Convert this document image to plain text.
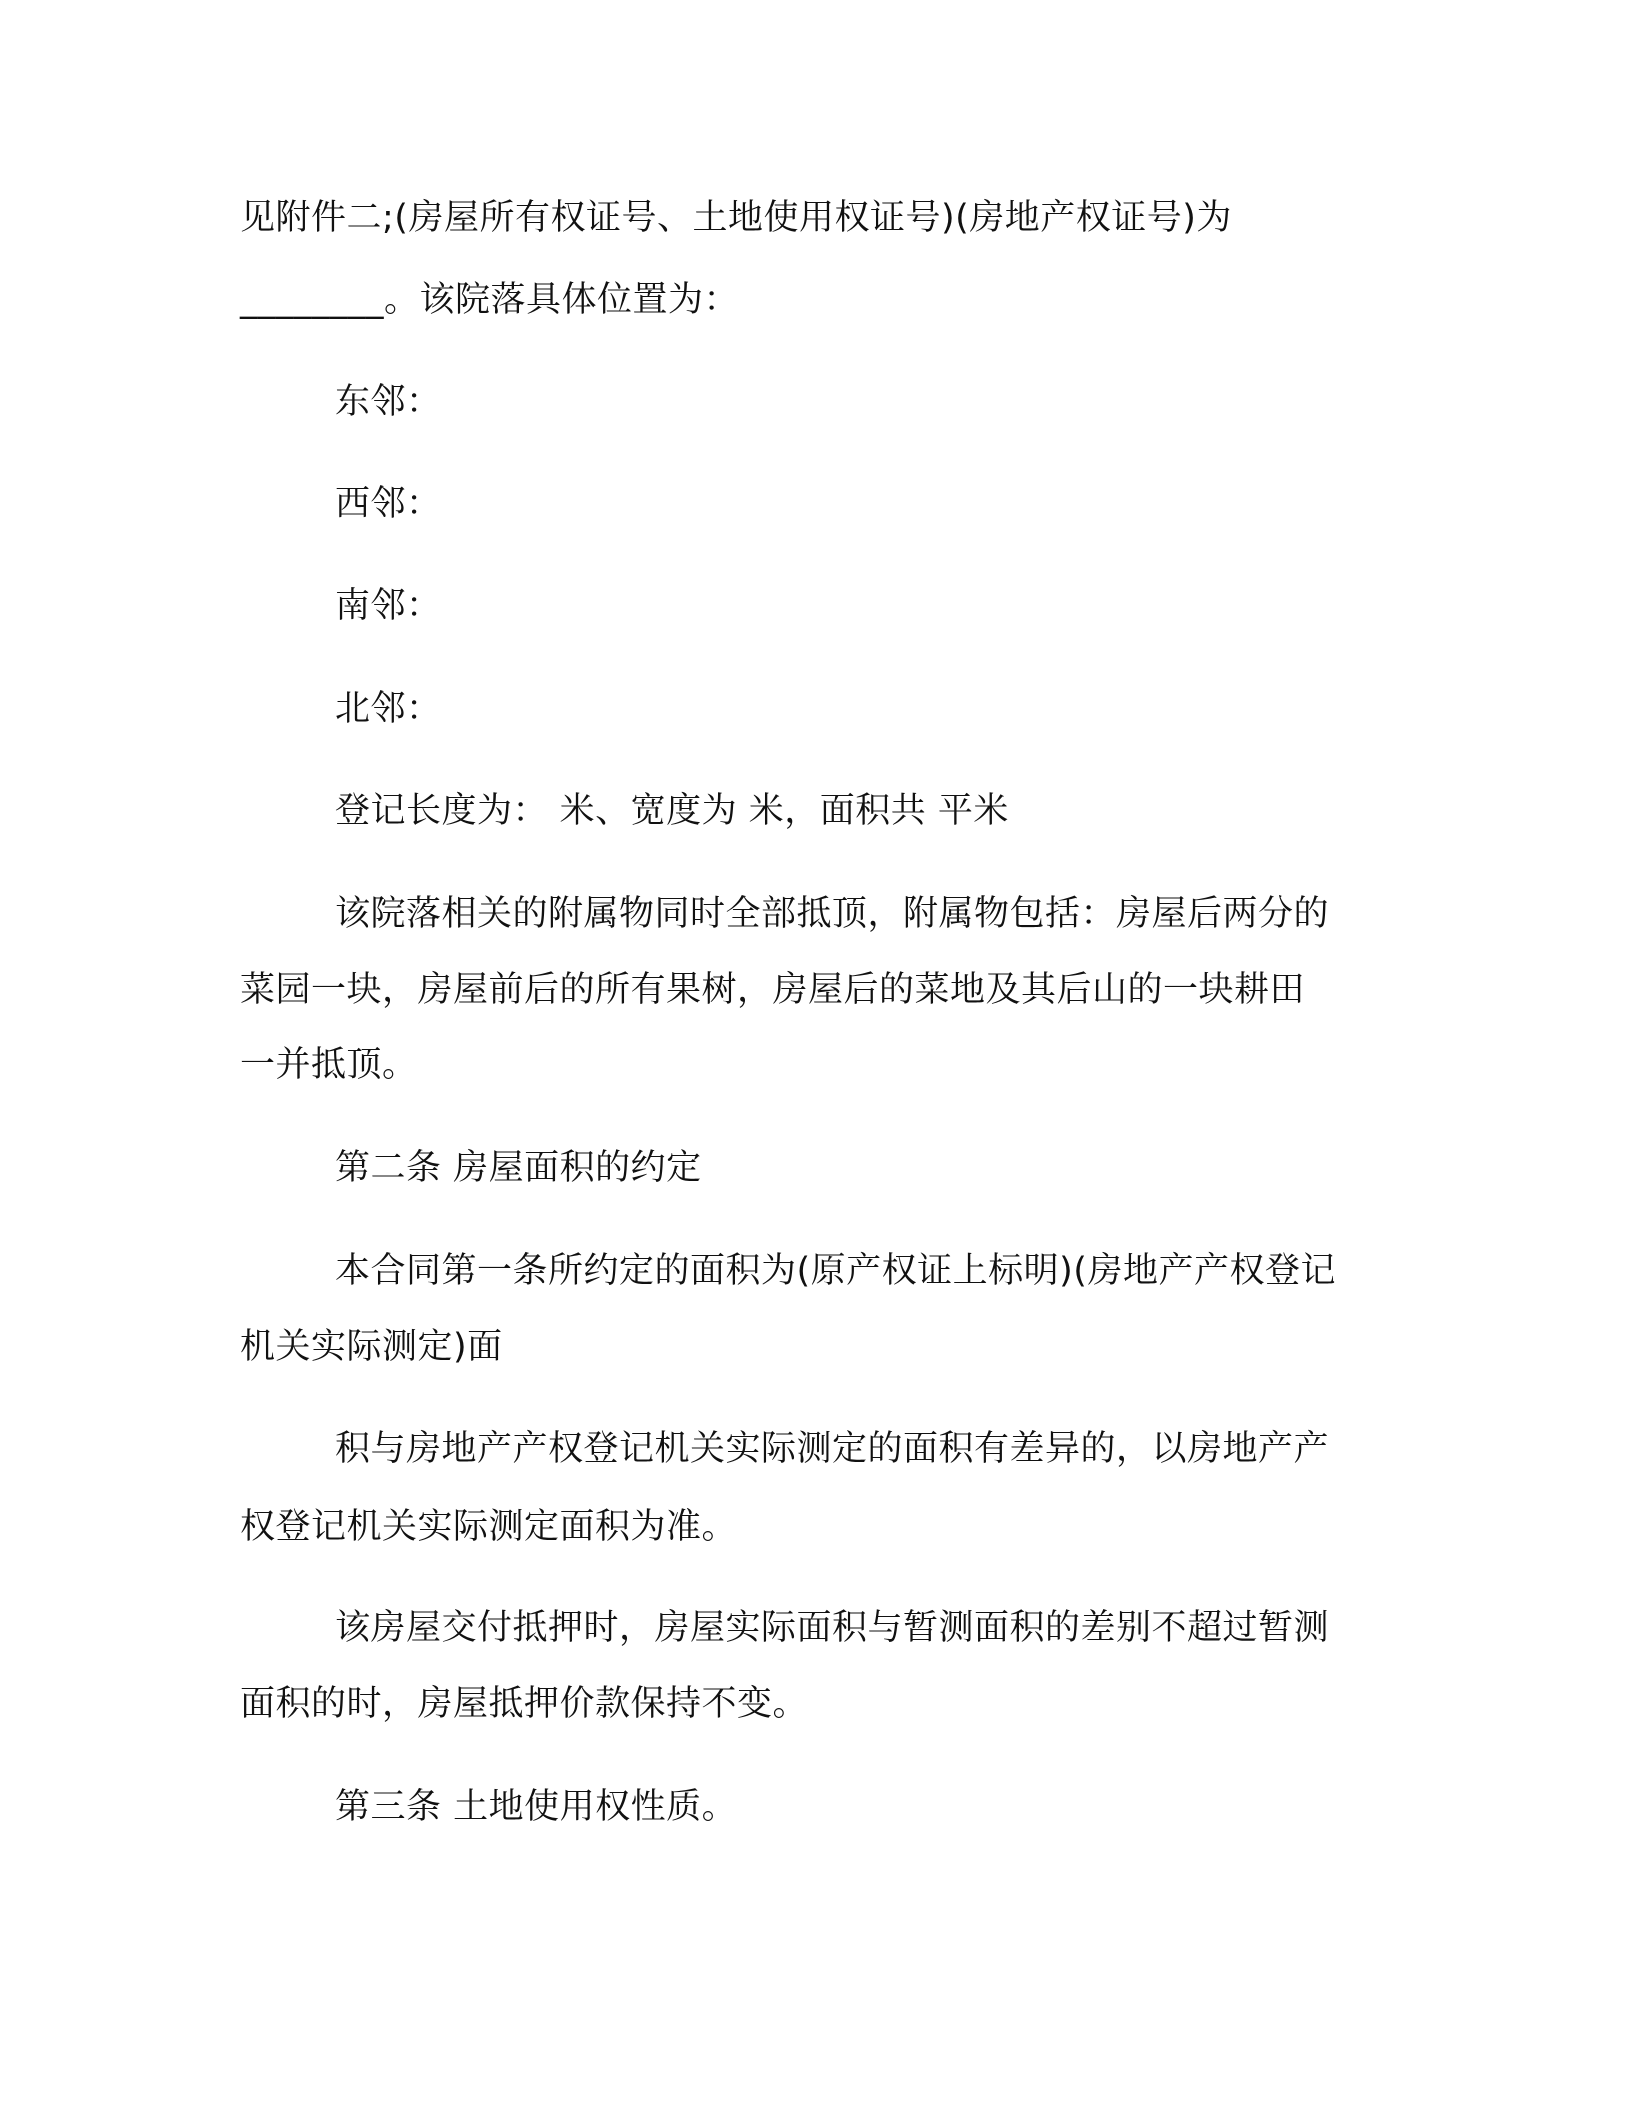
见附件二;(房屋所有权证号、土地使用权证号)(房地产权证号)为
________。该院落具体位置为：
东邻：
西邻：
南邻：
北邻：
登记长度为： 米、宽度为 米，面积共 平米
该院落相关的附属物同时全部抵顶，附属物包括：房屋后两分的
菜园一块，房屋前后的所有果树，房屋后的菜地及其后山的一块耕田
一并抵顶。
第二条 房屋面积的约定
本合同第一条所约定的面积为(原产权证上标明)(房地产产权登记
机关实际测定)面
积与房地产产权登记机关实际测定的面积有差异的，以房地产产
权登记机关实际测定面积为准。
该房屋交付抵押时，房屋实际面积与暂测面积的差别不超过暂测
面积的时，房屋抵押价款保持不变。
第三条 土地使用权性质。
